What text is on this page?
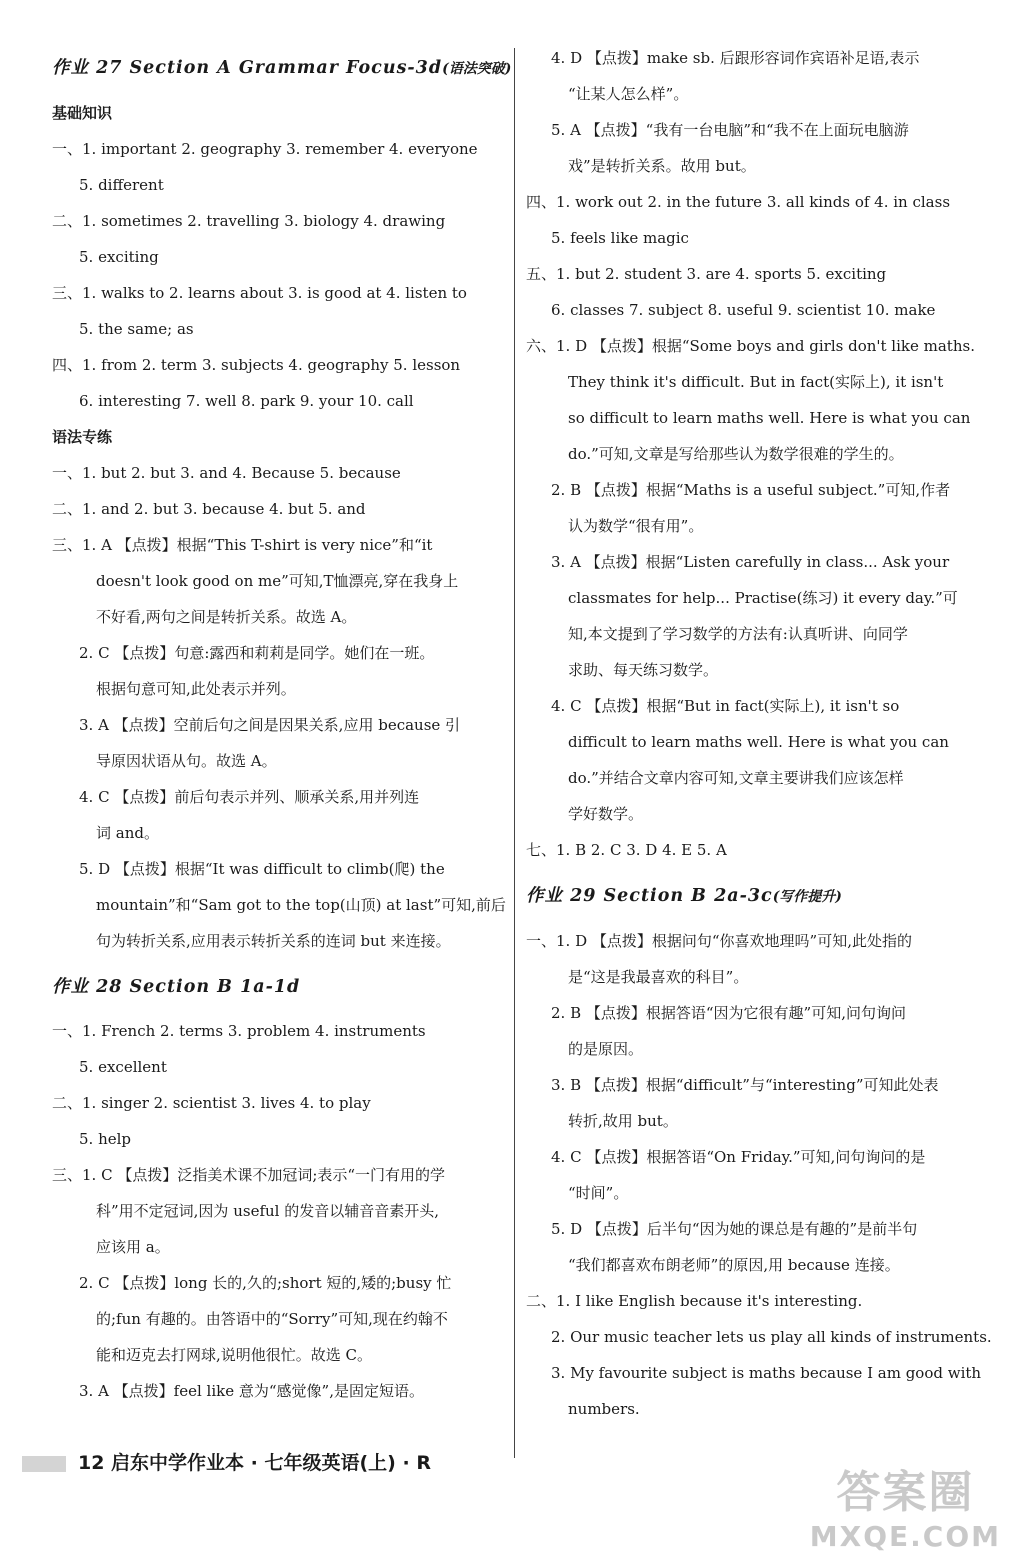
作业 27 Section A Grammar Focus-3d(语法突破)
基础知识
一、1. important 2. geography 3. remember 4. everyone
5. different
二、1. sometimes 2. travelling 3. biology 4. drawing
5. exciting
三、1. walks to 2. learns about 3. is good at 4. listen to
5. the same; as
四、1. from 2. term 3. subjects 4. geography 5. lesson
6. interesting 7. well 8. park 9. your 10. call
语法专练
一、1. but 2. but 3. and 4. Because 5. because
二、1. and 2. but 3. because 4. but 5. and
三、1. A 【点拨】根据“This T-shirt is very nice”和“it
doesn't look good on me”可知,T恤漂亮,穿在我身上
不好看,两句之间是转折关系。故选 A。
2. C 【点拨】句意:露西和莉莉是同学。她们在一班。
根据句意可知,此处表示并列。
3. A 【点拨】空前后句之间是因果关系,应用 because 引
导原因状语从句。故选 A。
4. C 【点拨】前后句表示并列、顺承关系,用并列连
词 and。
5. D 【点拨】根据“It was difficult to climb(爬) the
mountain”和“Sam got to the top(山顶) at last”可知,前后
句为转折关系,应用表示转折关系的连词 but 来连接。
作业 28 Section B 1a-1d
一、1. French 2. terms 3. problem 4. instruments
5. excellent
二、1. singer 2. scientist 3. lives 4. to play
5. help
三、1. C 【点拨】泛指美术课不加冠词;表示“一门有用的学
科”用不定冠词,因为 useful 的发音以辅音音素开头,
应该用 a。
2. C 【点拨】long 长的,久的;short 短的,矮的;busy 忙
的;fun 有趣的。由答语中的“Sorry”可知,现在约翰不
能和迈克去打网球,说明他很忙。故选 C。
3. A 【点拨】feel like 意为“感觉像”,是固定短语。
4. D 【点拨】make sb. 后跟形容词作宾语补足语,表示
“让某人怎么样”。
5. A 【点拨】“我有一台电脑”和“我不在上面玩电脑游
戏”是转折关系。故用 but。
四、1. work out 2. in the future 3. all kinds of 4. in class
5. feels like magic
五、1. but 2. student 3. are 4. sports 5. exciting
6. classes 7. subject 8. useful 9. scientist 10. make
六、1. D 【点拨】根据“Some boys and girls don't like maths.
They think it's difficult. But in fact(实际上), it isn't
so difficult to learn maths well. Here is what you can
do.”可知,文章是写给那些认为数学很难的学生的。
2. B 【点拨】根据“Maths is a useful subject.”可知,作者
认为数学“很有用”。
3. A 【点拨】根据“Listen carefully in class... Ask your
classmates for help... Practise(练习) it every day.”可
知,本文提到了学习数学的方法有:认真听讲、向同学
求助、每天练习数学。
4. C 【点拨】根据“But in fact(实际上), it isn't so
difficult to learn maths well. Here is what you can
do.”并结合文章内容可知,文章主要讲我们应该怎样
学好数学。
七、1. B 2. C 3. D 4. E 5. A
作业 29 Section B 2a-3c(写作提升)
一、1. D 【点拨】根据问句“你喜欢地理吗”可知,此处指的
是“这是我最喜欢的科目”。
2. B 【点拨】根据答语“因为它很有趣”可知,问句询问
的是原因。
3. B 【点拨】根据“difficult”与“interesting”可知此处表
转折,故用 but。
4. C 【点拨】根据答语“On Friday.”可知,问句询问的是
“时间”。
5. D 【点拨】后半句“因为她的课总是有趣的”是前半句
“我们都喜欢布朗老师”的原因,用 because 连接。
二、1. I like English because it's interesting.
2. Our music teacher lets us play all kinds of instruments.
3. My favourite subject is maths because I am good with
numbers.
12 启东中学作业本 · 七年级英语(上) · R
答案圈
MXQE.COM
